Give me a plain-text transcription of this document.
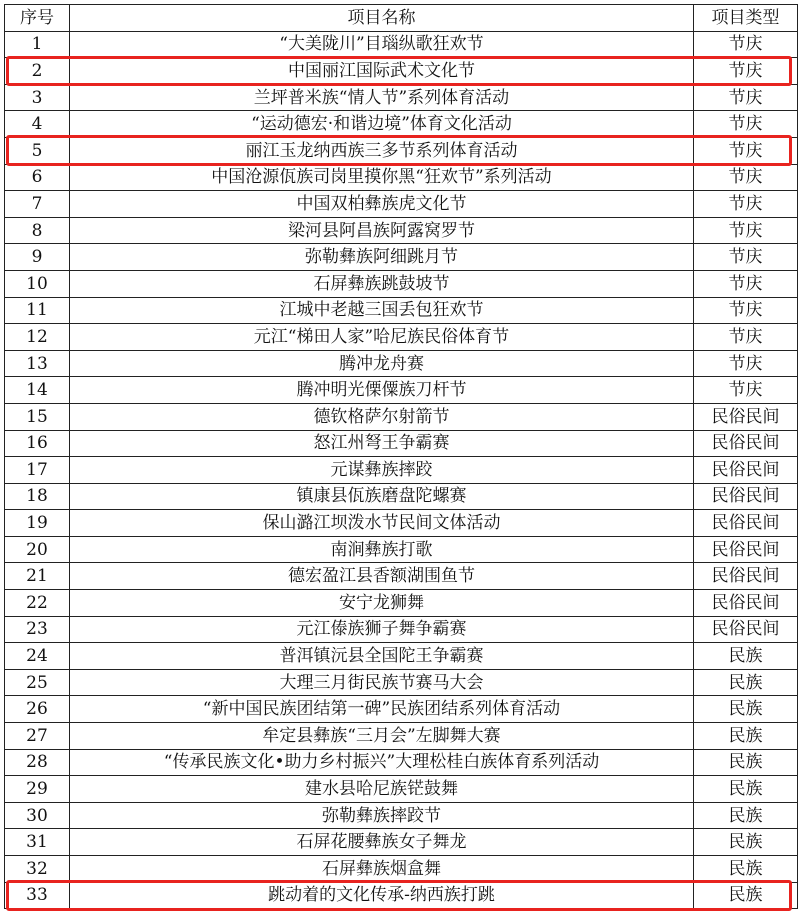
序号	项目名称	项目类型
1	“大美陇川”目瑙纵歌狂欢节	节庆
2	中国丽江国际武术文化节	节庆
3	兰坪普米族“情人节”系列体育活动	节庆
4	“运动德宏·和谐边境”体育文化活动	节庆
5	丽江玉龙纳西族三多节系列体育活动	节庆
6	中国沧源佤族司岗里摸你黑“狂欢节”系列活动	节庆
7	中国双柏彝族虎文化节	节庆
8	梁河县阿昌族阿露窝罗节	节庆
9	弥勒彝族阿细跳月节	节庆
10	石屏彝族跳鼓坡节	节庆
11	江城中老越三国丢包狂欢节	节庆
12	元江“梯田人家”哈尼族民俗体育节	节庆
13	腾冲龙舟赛	节庆
14	腾冲明光傈僳族刀杆节	节庆
15	德钦格萨尔射箭节	民俗民间
16	怒江州弩王争霸赛	民俗民间
17	元谋彝族摔跤	民俗民间
18	镇康县佤族磨盘陀螺赛	民俗民间
19	保山潞江坝泼水节民间文体活动	民俗民间
20	南涧彝族打歌	民俗民间
21	德宏盈江县香额湖围鱼节	民俗民间
22	安宁龙狮舞	民俗民间
23	元江傣族狮子舞争霸赛	民俗民间
24	普洱镇沅县全国陀王争霸赛	民族
25	大理三月街民族节赛马大会	民族
26	“新中国民族团结第一碑”民族团结系列体育活动	民族
27	牟定县彝族“三月会”左脚舞大赛	民族
28	“传承民族文化•助力乡村振兴”大理松桂白族体育系列活动	民族
29	建水县哈尼族铓鼓舞	民族
30	弥勒彝族摔跤节	民族
31	石屏花腰彝族女子舞龙	民族
32	石屏彝族烟盒舞	民族
33	跳动着的文化传承-纳西族打跳	民族
